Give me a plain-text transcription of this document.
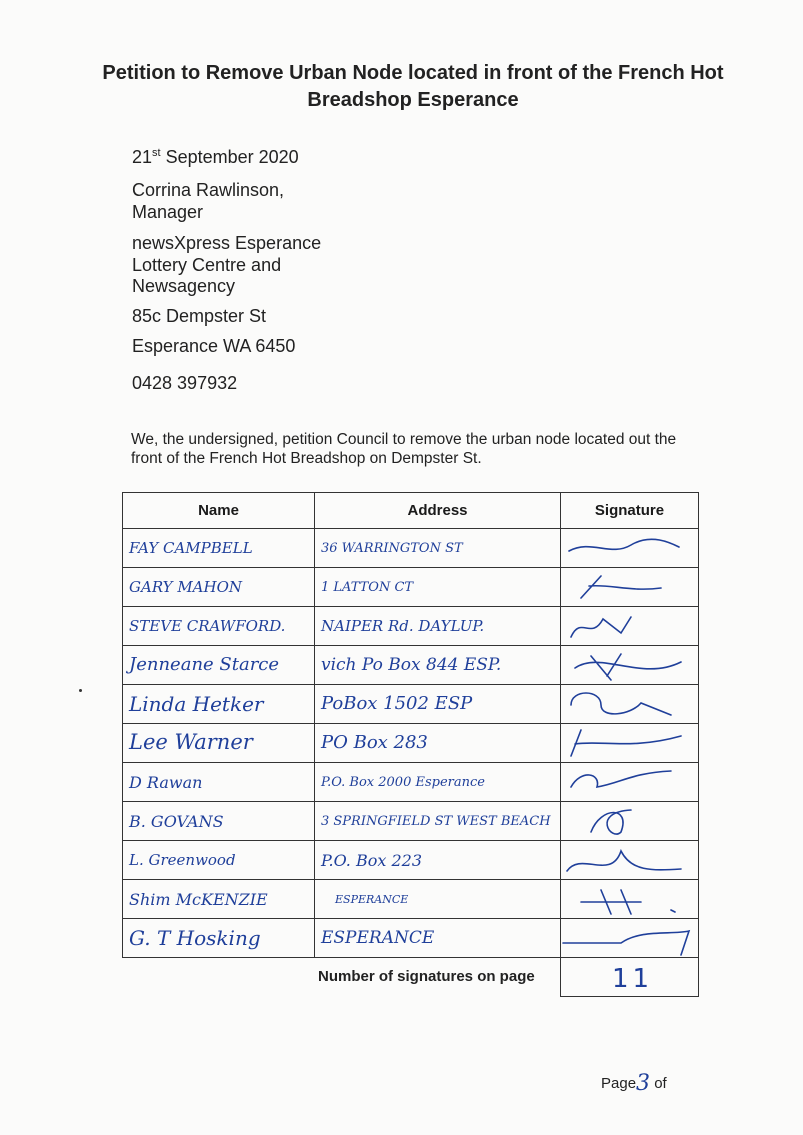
Petition to Remove Urban Node located in front of the French Hot Breadshop Esperance
21st September 2020
Corrina Rawlinson,
Manager
newsXpress Esperance
Lottery Centre and
Newsagency
85c Dempster St
Esperance WA 6450
0428 397932
We, the undersigned, petition Council to remove the urban node located out the front of the French Hot Breadshop on Dempster St.
Name	Address	Signature

FAY CAMPBELL	36 WARRINGTON ST

GARY MAHON	1 LATTON CT

STEVE CRAWFORD.	NAIPER Rd. DAYLUP.

Jenneane Starce	vich Po Box 844 ESP.

Linda Hetker	PoBox 1502 ESP

Lee Warner	PO Box 283

D Rawan	P.O. Box 2000 Esperance

B. GOVANS	3 SPRINGFIELD ST WEST BEACH

L. Greenwood	P.O. Box 223

Shim McKENZIE	ESPERANCE

G. T Hosking	ESPERANCE

Number of signatures on page	11
Page3 of
